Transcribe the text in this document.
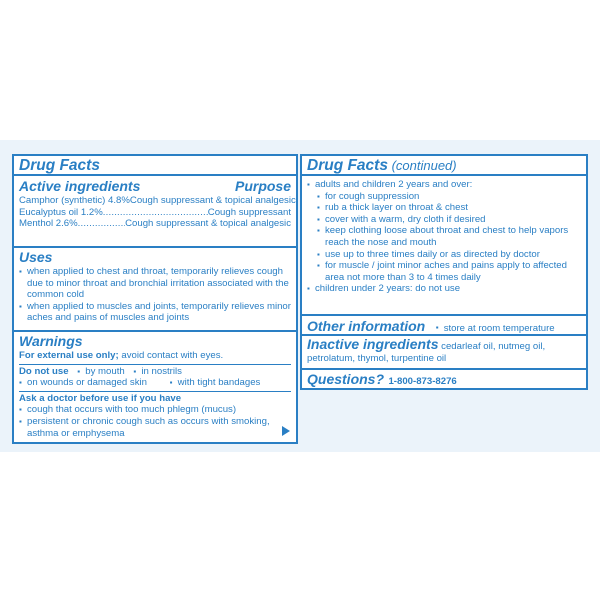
Drug Facts
Purpose
Active ingredients
Camphor (synthetic) 4.8% Cough suppressant & topical analgesic
Eucalyptus oil 1.2% .....	Cough suppressant
Menthol 2.6% .....	Cough suppressant & topical analgesic
Uses
▪ when applied to chest and throat, temporarily relieves cough due to minor throat and bronchial irritation associated with the common cold
▪ when applied to muscles and joints, temporarily relieves minor aches and pains of muscles and joints
Warnings
For external use only; avoid contact with eyes.
Do not use ▪ by mouth ▪ in nostrils
▪ on wounds or damaged skin	▪ with tight bandages
Ask a doctor before use if you have
▪ cough that occurs with too much phlegm (mucus)
▪ persistent or chronic cough such as occurs with smoking, asthma or emphysema
Drug Facts (continued)
▪ adults and children 2 years and over:
▪ for cough suppression
▪ rub a thick layer on throat & chest
▪ cover with a warm, dry cloth if desired
▪ keep clothing loose about throat and chest to help vapors reach the nose and mouth
▪ use up to three times daily or as directed by doctor
▪ for muscle / joint minor aches and pains apply to affected area not more than 3 to 4 times daily
▪ children under 2 years: do not use
Other information ▪ store at room temperature
Inactive ingredients cedarleaf oil, nutmeg oil, petrolatum, thymol, turpentine oil
Questions? 1-800-873-8276
